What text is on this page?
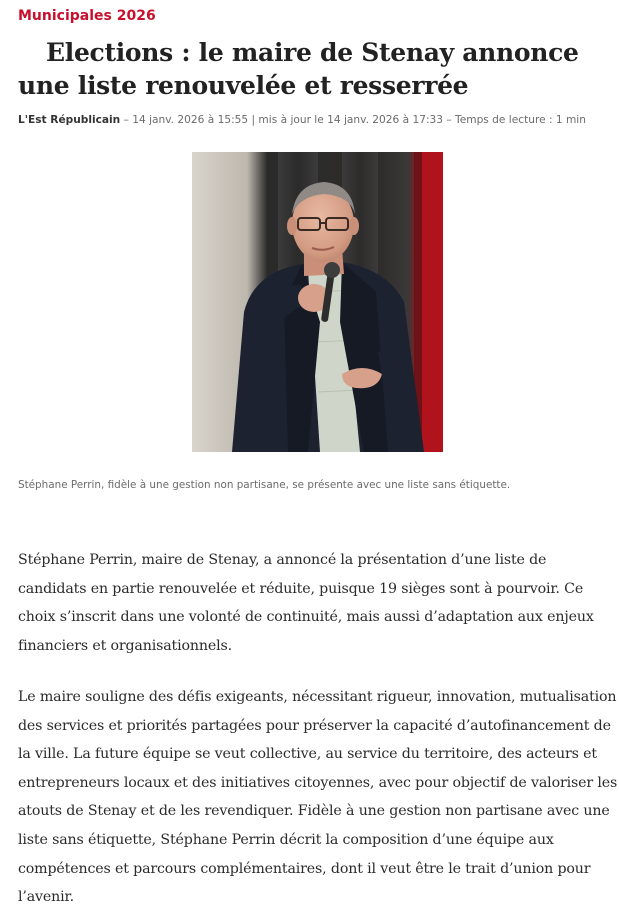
Municipales 2026
Elections : le maire de Stenay annonce une liste renouvelée et resserrée
L'Est Républicain – 14 janv. 2026 à 15:55 | mis à jour le 14 janv. 2026 à 17:33 – Temps de lecture : 1 min
Stéphane Perrin, fidèle à une gestion non partisane, se présente avec une liste sans étiquette.

Stéphane Perrin, maire de Stenay, a annoncé la présentation d’une liste de candidats en partie renouvelée et réduite, puisque 19 sièges sont à pourvoir. Ce choix s’inscrit dans une volonté de continuité, mais aussi d’adaptation aux enjeux financiers et organisationnels.

Le maire souligne des défis exigeants, nécessitant rigueur, innovation, mutualisation des services et priorités partagées pour préserver la capacité d’autofinancement de la ville. La future équipe se veut collective, au service du territoire, des acteurs et entrepreneurs locaux et des initiatives citoyennes, avec pour objectif de valoriser les atouts de Stenay et de les revendiquer. Fidèle à une gestion non partisane avec une liste sans étiquette, Stéphane Perrin décrit la composition d’une équipe aux compétences et parcours complémentaires, dont il veut être le trait d’union pour l’avenir.
